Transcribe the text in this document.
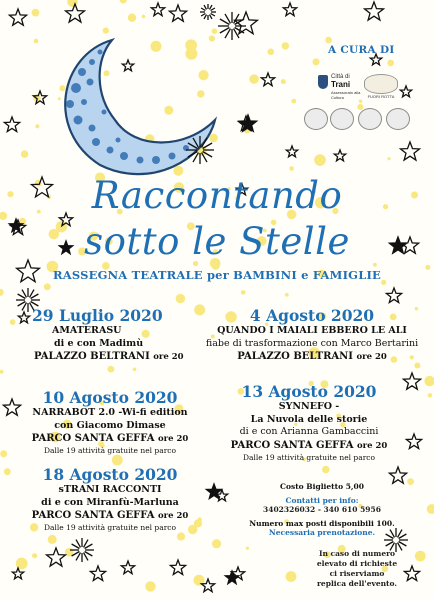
A CURA DI
Città di
Trani
Assessorato alla Cultura	FUORI ROTTA
Raccontando
sotto le Stelle
RASSEGNA TEATRALE per BAMBINI e FAMIGLIE
29 Luglio 2020
AMATERASU
di e con Madimù
PALAZZO BELTRANI ore 20
4 Agosto 2020
QUANDO I MAIALI EBBERO LE ALI
fiabe di trasformazione con Marco Bertarini
PALAZZO BELTRANI ore 20
10 Agosto 2020
NARRABOT 2.0 -Wi-fi edition
con Giacomo Dimase
PARCO SANTA GEFFA ore 20
Dalle 19 attività gratuite nel parco
13 Agosto 2020
SYNNEFO -
La Nuvola delle storie
di e con Arianna Gambaccini
PARCO SANTA GEFFA ore 20
Dalle 19 attività gratuite nel parco
18 Agosto 2020
sTRANI RACCONTI
di e con Miranfù-Marluna
PARCO SANTA GEFFA ore 20
Dalle 19 attività gratuite nel parco
Costo Biglietto 5,00
Contatti per info:
3402326032 - 340 610 5956
Numero max posti disponibili 100.
Necessaria prenotazione.
In caso di numero
elevato di richieste
ci riserviamo
replica dell'evento.
